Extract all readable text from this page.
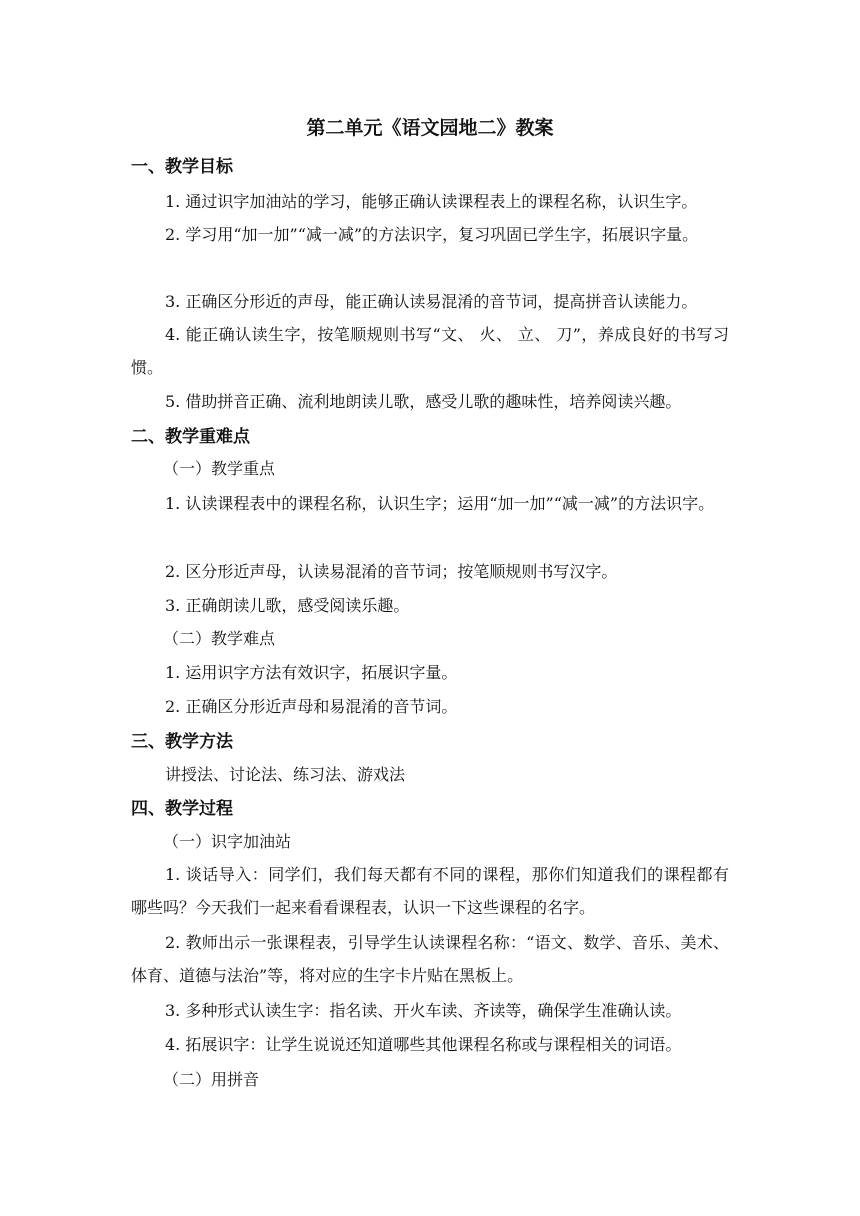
第二单元《语文园地二》教案
一、教学目标
1. 通过识字加油站的学习，能够正确认读课程表上的课程名称，认识生字。
2. 学习用“加一加”“减一减”的方法识字，复习巩固已学生字，拓展识字量。
3. 正确区分形近的声母，能正确认读易混淆的音节词，提高拼音认读能力。
4. 能正确认读生字，按笔顺规则书写“文、 火、 立、 刀”，养成良好的书写习惯。
5. 借助拼音正确、流利地朗读儿歌，感受儿歌的趣味性，培养阅读兴趣。
二、教学重难点
（一）教学重点
1. 认读课程表中的课程名称，认识生字；运用“加一加”“减一减”的方法识字。
2. 区分形近声母，认读易混淆的音节词；按笔顺规则书写汉字。
3. 正确朗读儿歌，感受阅读乐趣。
（二）教学难点
1. 运用识字方法有效识字，拓展识字量。
2. 正确区分形近声母和易混淆的音节词。
三、教学方法
讲授法、讨论法、练习法、游戏法
四、教学过程
（一）识字加油站
1. 谈话导入：同学们，我们每天都有不同的课程，那你们知道我们的课程都有哪些吗？今天我们一起来看看课程表，认识一下这些课程的名字。
2. 教师出示一张课程表，引导学生认读课程名称：“语文、数学、音乐、美术、体育、道德与法治”等，将对应的生字卡片贴在黑板上。
3. 多种形式认读生字：指名读、开火车读、齐读等，确保学生准确认读。
4. 拓展识字：让学生说说还知道哪些其他课程名称或与课程相关的词语。
（二）用拼音
